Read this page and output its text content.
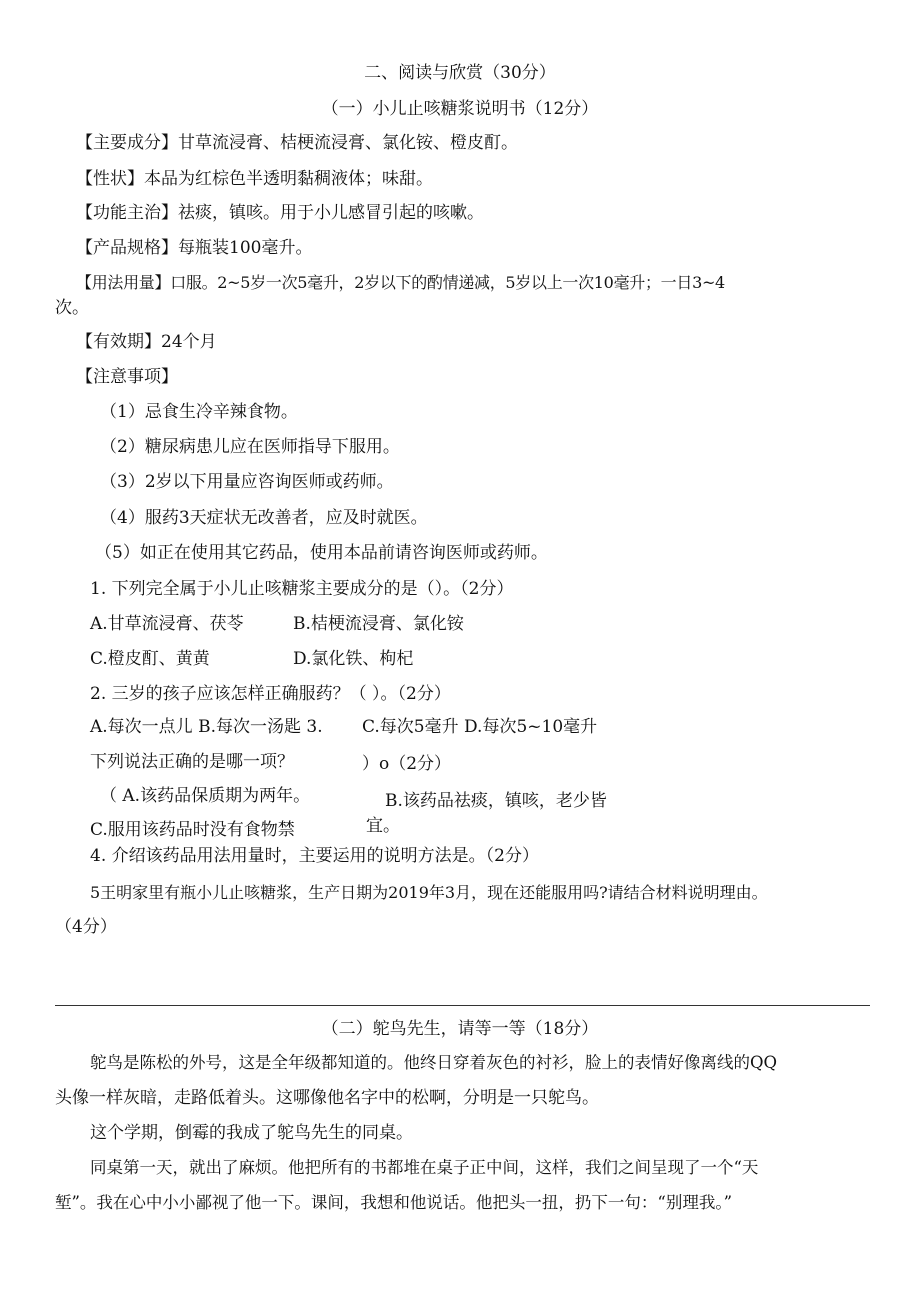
二、阅读与欣赏（30分）
（一）小儿止咳糖浆说明书（12分）
【主要成分】甘草流浸膏、桔梗流浸膏、氯化铵、橙皮酊。
【性状】本品为红棕色半透明黏稠液体；味甜。
【功能主治】祛痰，镇咳。用于小儿感冒引起的咳嗽。
【产品规格】每瓶装100毫升。
【用法用量】口服。2~5岁一次5毫升，2岁以下的酌情递减，5岁以上一次10毫升；一日3~4
次。
【有效期】24个月
【注意事项】
（1）忌食生冷辛辣食物。
（2）糖尿病患儿应在医师指导下服用。
（3）2岁以下用量应咨询医师或药师。
（4）服药3天症状无改善者，应及时就医。
（5）如正在使用其它药品，使用本品前请咨询医师或药师。
1. 下列完全属于小儿止咳糖浆主要成分的是（）。（2分）
A.甘草流浸膏、茯苓	B.桔梗流浸膏、氯化铵
C.橙皮酊、黄黄	D.氯化铁、枸杞
2. 三岁的孩子应该怎样正确服药？（ ）。（2分）
A.每次一点儿 B.每次一汤匙 3. C.每次5毫升 D.每次5~10毫升
下列说法正确的是哪一项？	）o（2分）
（ A.该药品保质期为两年。	B.该药品祛痰，镇咳，老少皆
C.服用该药品时没有食物禁	宜。
4. 介绍该药品用法用量时，主要运用的说明方法是。（2分）
5王明家里有瓶小儿止咳糖浆，生产日期为2019年3月，现在还能服用吗?请结合材料说明理由。
（4分）
（二）鸵鸟先生，请等一等（18分）
鸵鸟是陈松的外号，这是全年级都知道的。他终日穿着灰色的衬衫，脸上的表情好像离线的QQ
头像一样灰暗，走路低着头。这哪像他名字中的松啊，分明是一只鸵鸟。
这个学期，倒霉的我成了鸵鸟先生的同桌。
同桌第一天，就出了麻烦。他把所有的书都堆在桌子正中间，这样，我们之间呈现了一个“天
堑”。我在心中小小鄙视了他一下。课间，我想和他说话。他把头一扭，扔下一句：“别理我。”
